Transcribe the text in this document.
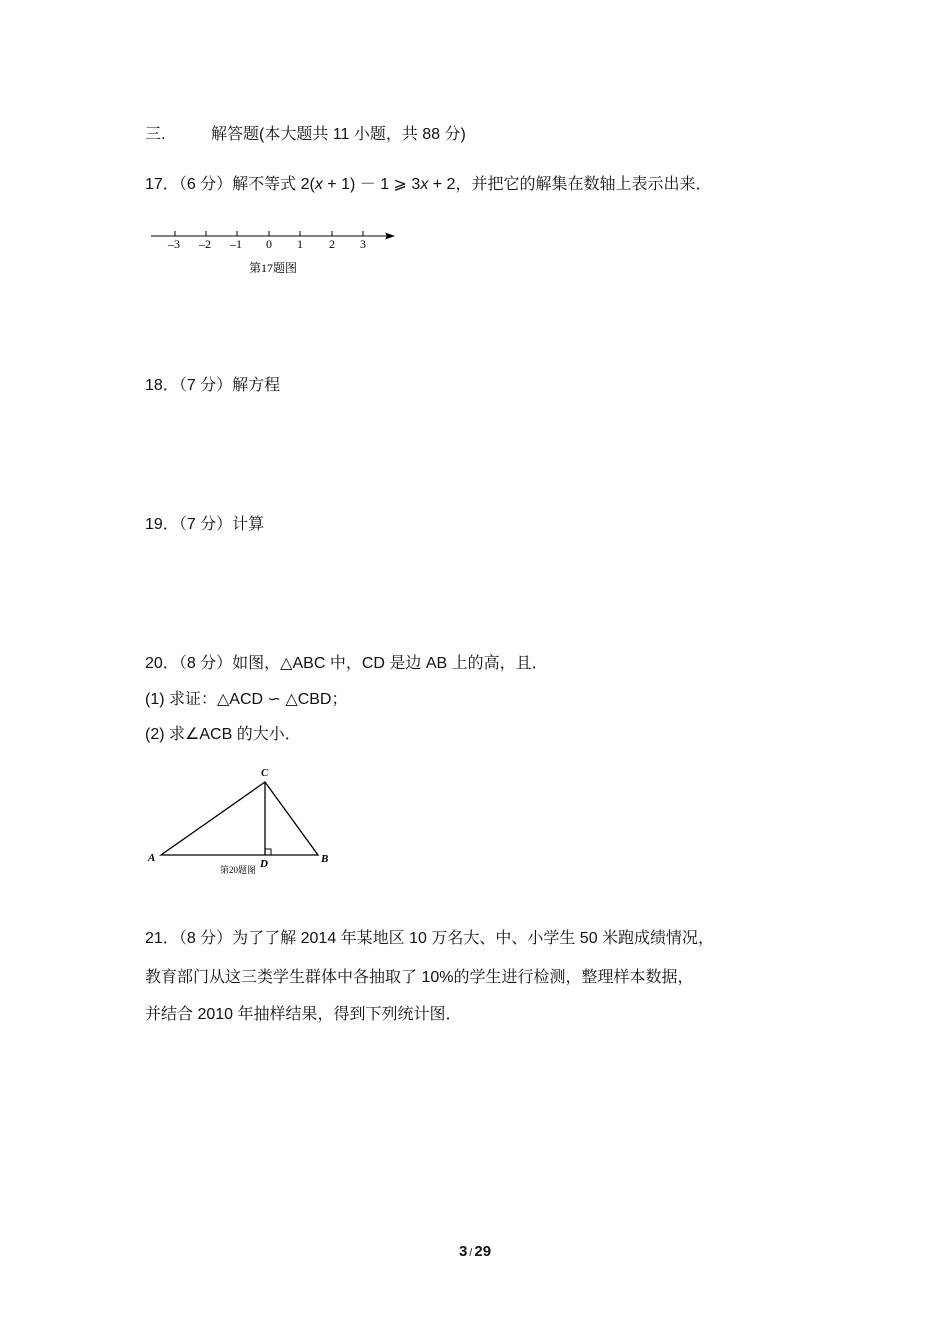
三.	解答题(本大题共 11 小题，共 88 分)
17．（6 分）解不等式 2(x + 1) － 1 ⩾ 3x + 2，并把它的解集在数轴上表示出来．
–3 –2 –1 0 1 2 3
第17题图
18．（7 分）解方程
19．（7 分）计算
20．（8 分）如图，△ABC 中，CD 是边 AB 上的高，且．
(1) 求证：△ACD ∽ △CBD；
(2) 求∠ACB 的大小．
C
A	B
D
第20题图
21．（8 分）为了了解 2014 年某地区 10 万名大、中、小学生 50 米跑成绩情况，
教育部门从这三类学生群体中各抽取了 10%的学生进行检测，整理样本数据，
并结合 2010 年抽样结果，得到下列统计图．
3 / 29
